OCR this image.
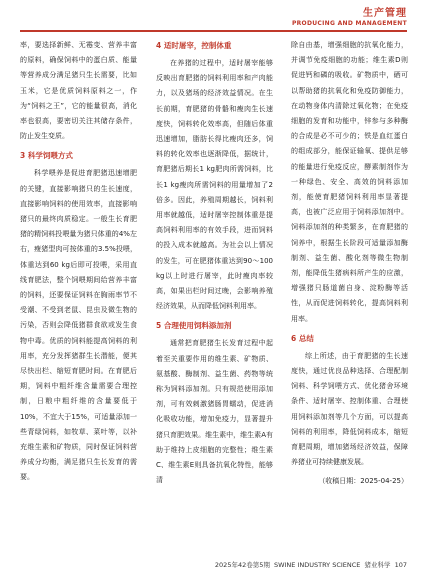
生产管理
PRODUCING AND MANAGEMENT

率，要选择新鲜、无霉变、营养丰富的原料，确保饲料中的蛋白质、能量等营养成分满足猪只生长需要，比如玉米，它是优质饲料原料之一，作为“饲料之王”，它的能量很高，消化率也很高，要密切关注其储存条件，防止发生变质。

3 科学饲喂方式

科学喂养是促进育肥猪迅速增肥的关键，直接影响猪只的生长速度，直接影响饲料的使用效率，直接影响猪只的最终肉质稳定。一般生长育肥猪的精饲料投喂量为猪只体重的4%左右，瘦猪型肉可按体重的3.5%投喂，体重达到60 kg后即可投喂，采用直线育肥法，整个饲喂期间给营养丰富的饲料，还要保证饲料在胸雨率节不受潮、不受到老鼠、昆虫及微生物的污染，否则会降低猪群食欲或发生食物中毒。优质的饲料能提高饲料的利用率，充分发挥猪群生长潜能，便其尽快出栏、缩短育肥时间。在育肥后期，饲料中粗纤维含量需要合理控制，日粮中粗纤维的含量要低于10%，不宜大于15%，可适量添加一些青绿饲料，如牧草、菜叶等，以补充维生素和矿物质，同时保证饲料营养成分均衡，满足猪只生长发育的需要。

4 适时屠宰，控制体重

在养猪的过程中，适时屠宰能够反映出育肥猪的饲料利用率和产肉能力，以及猪场的经济效益情况。在生长前期，育肥猪的骨骼和瘦肉生长速度快，饲料转化效率高，但随后体重迅速增加，脂肪长得比瘦肉还多，饲料的转化效率也逐渐降低，据统计，育肥猪后期长1 kg肥肉所需饲料，比长1 kg瘦肉所需饲料的用量增加了2倍多。因此，养殖周期越长，饲料利用率就越低，适时屠宰控制体重是提高饲料利用率的有效手段，进而饲料的投入成本就越高。为社会以上情况的发生，可在肥猪体重达到90～100 kg以上时进行屠宰，此时瘦肉率较高，如果出栏时间过晚，会影响养殖经济效果，从而降低饲料利用率。

5 合理使用饲料添加剂

通常把育肥猪生长发育过程中起着至关重要作用的维生素、矿物质、氨基酸、酶制剂、益生菌、药物等统称为饲料添加剂。只有规范使用添加剂，可有效刺激猪肠胃蠕动，促进消化吸收功能，增加免疫力，显著提升猪只育肥效果。维生素中，维生素A有助于维持上皮细胞的完整性；维生素C、维生素E则具备抗氧化特性，能够清

除自由基，增强细胞的抗氧化能力，并调节免疫细胞的功能；维生素D则促进钙和磷的吸收。矿物质中，硒可以帮助猪的抗氧化和免疫防御能力，在动物身体内清除过氧化物；在免疫细胞的发育和功能中，锌参与多种酶的合成是必不可少的；铁是血红蛋白的组成部分，能保证输氧、提供足够的能量进行免疫反应，酵素制剂作为一种绿色、安全、高效的饲料添加剂，能使育肥猪饲料利用率显著提高，也被广泛应用于饲料添加剂中。饲料添加剂的种类繁多，在育肥猪的饲养中，根据生长阶段可适量添加酶制剂、益生菌、酸化剂等微生物制剂，能降低生猪病料所产生的应激，增强猪只肠道菌自身、淀粉酶等活性，从而促进饲料转化，提高饲料利用率。

6 总结

综上所述，由于育肥猪的生长速度快，通过优良品种选择、合理配制饲料、科学饲喂方式、优化猪舍环境条件、适时屠宰、控制体重、合理使用饲料添加剂等几个方面，可以提高饲料的利用率，降低饲料成本，缩短育肥周期，增加猪场经济效益，保障养猪业可持续健康发展。

（收稿日期：2025-04-25）
2025年42卷第5期 SWINE INDUSTRY SCIENCE 猪业科学 107
